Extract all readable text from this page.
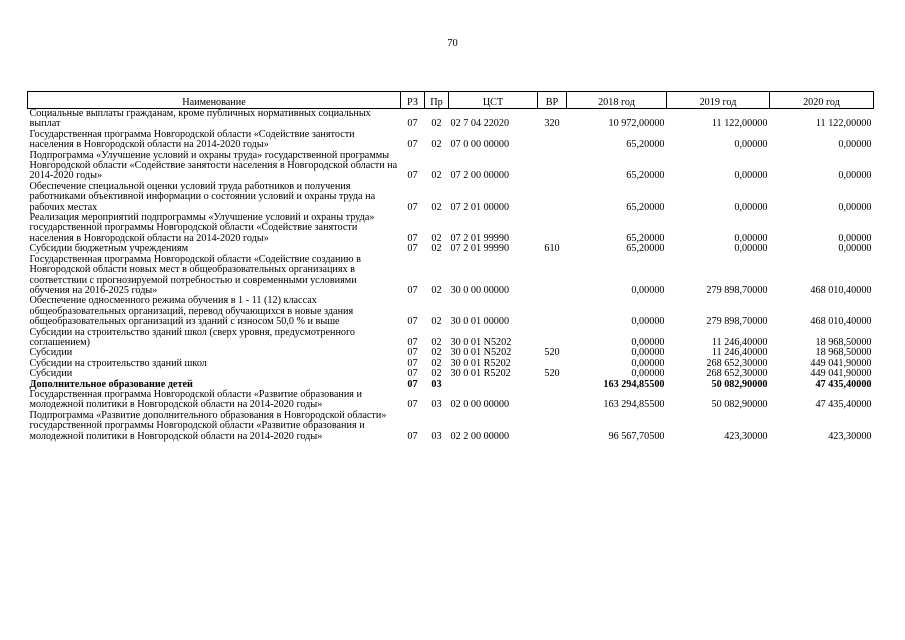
70
Наименование	РЗ	Пр	ЦСТ	ВР	2018 год	2019 год	2020 год
Социальные выплаты гражданам, кроме публичных нормативных социальных выплат	07	02	02 7 04 22020	320	10 972,00000	11 122,00000	11 122,00000
Государственная программа Новгородской области «Содействие занятости населения в Новгородской области на 2014-2020 годы»	07	02	07 0 00 00000		65,20000	0,00000	0,00000
Подпрограмма «Улучшение условий и охраны труда» государственной программы Новгородской области «Содействие занятости населения в Новгородской области на 2014-2020 годы»	07	02	07 2 00 00000		65,20000	0,00000	0,00000
Обеспечение специальной оценки условий труда работников и получения работниками объективной информации о состоянии условий и охраны труда на рабочих местах	07	02	07 2 01 00000		65,20000	0,00000	0,00000
Реализация мероприятий подпрограммы «Улучшение условий и охраны труда» государственной программы Новгородской области «Содействие занятости населения в Новгородской области на 2014-2020 годы»	07	02	07 2 01 99990		65,20000	0,00000	0,00000
Субсидии бюджетным учреждениям	07	02	07 2 01 99990	610	65,20000	0,00000	0,00000
Государственная программа Новгородской области «Содействие созданию в Новгородской области новых мест в общеобразовательных организациях в соответствии с прогнозируемой потребностью и современными условиями обучения на 2016-2025 годы»	07	02	30 0 00 00000		0,00000	279 898,70000	468 010,40000
Обеспечение односменного режима обучения в 1 - 11 (12) классах общеобразовательных организаций, перевод обучающихся в новые здания общеобразовательных организаций из зданий с износом 50,0 % и выше	07	02	30 0 01 00000		0,00000	279 898,70000	468 010,40000
Субсидии на строительство зданий школ (сверх уровня, предусмотренного соглашением)	07	02	30 0 01 N5202		0,00000	11 246,40000	18 968,50000
Субсидии	07	02	30 0 01 N5202	520	0,00000	11 246,40000	18 968,50000
Субсидии на строительство зданий школ	07	02	30 0 01 R5202		0,00000	268 652,30000	449 041,90000
Субсидии	07	02	30 0 01 R5202	520	0,00000	268 652,30000	449 041,90000
Дополнительное образование детей	07	03			163 294,85500	50 082,90000	47 435,40000
Государственная программа Новгородской области «Развитие образования и молодежной политики в Новгородской области на 2014-2020 годы»	07	03	02 0 00 00000		163 294,85500	50 082,90000	47 435,40000
Подпрограмма «Развитие дополнительного образования в Новгородской области» государственной программы Новгородской области «Развитие образования и молодежной политики в Новгородской области на 2014-2020 годы»	07	03	02 2 00 00000		96 567,70500	423,30000	423,30000
